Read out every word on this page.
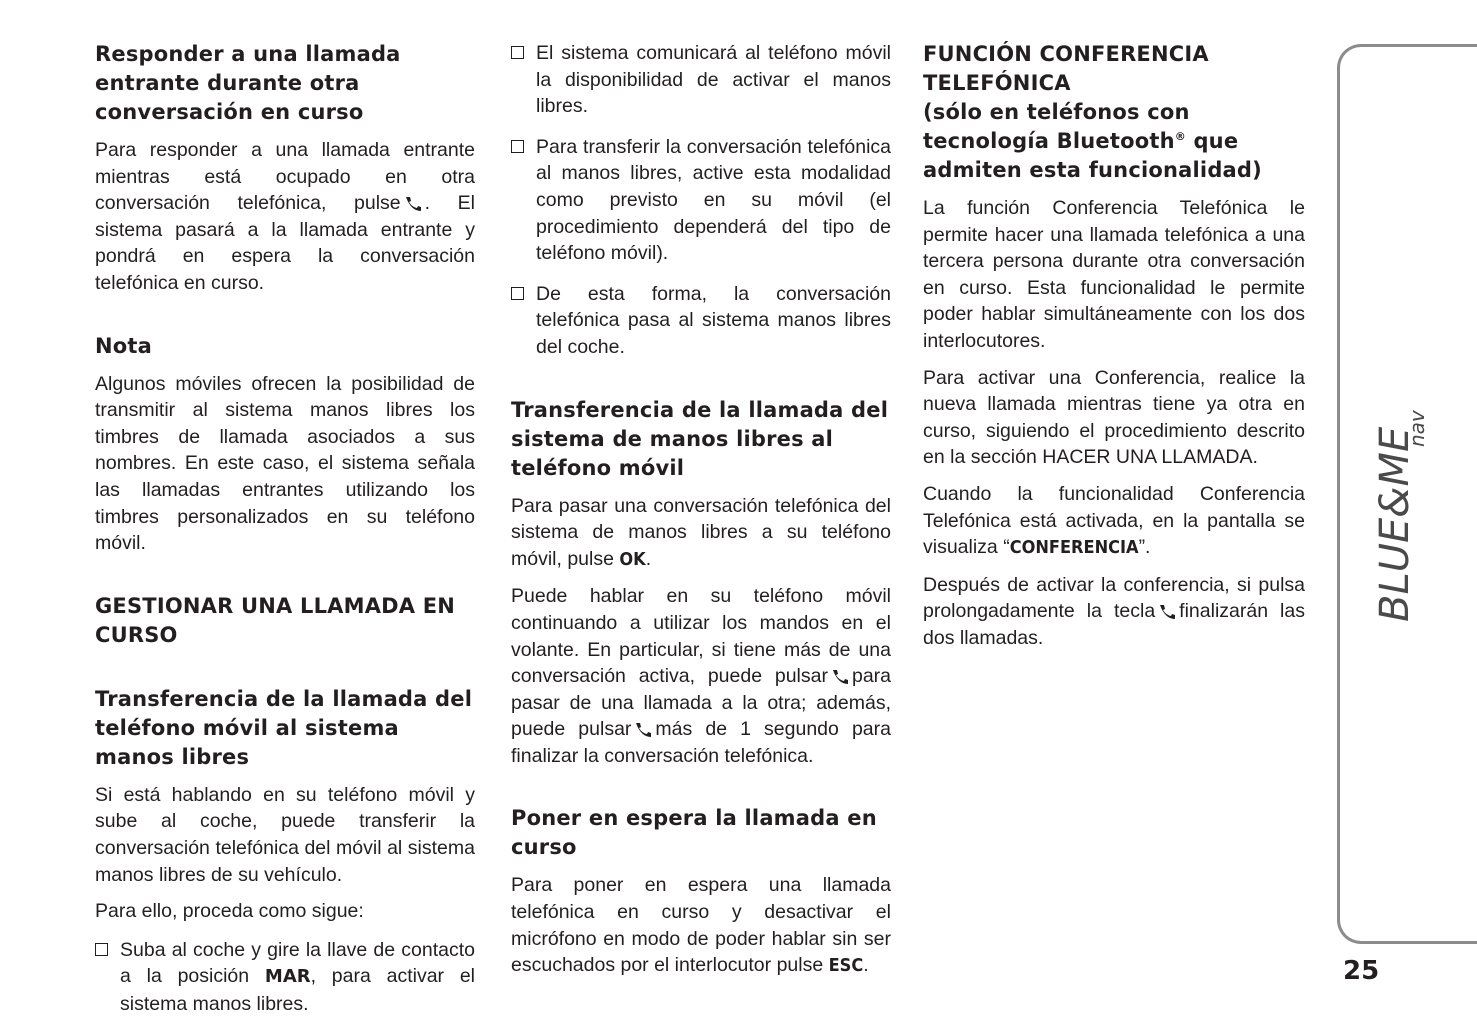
Responder a una llamada entrante durante otra conversación en curso

Para responder a una llamada entrante mientras está ocupado en otra conversación telefónica, pulse . El sistema pasará a la llamada entrante y pondrá en espera la conversación telefónica en curso.

Nota

Algunos móviles ofrecen la posibilidad de transmitir al sistema manos libres los timbres de llamada asociados a sus nombres. En este caso, el sistema señala las llamadas entrantes utilizando los timbres personalizados en su teléfono móvil.

GESTIONAR UNA LLAMADA EN CURSO
Transferencia de la llamada del teléfono móvil al sistema manos libres

Si está hablando en su teléfono móvil y sube al coche, puede transferir la conversación telefónica del móvil al sistema manos libres de su vehículo.

Para ello, proceda como sigue:

Suba al coche y gire la llave de contacto a la posición MAR, para activar el sistema manos libres.
El sistema comunicará al teléfono móvil la disponibilidad de activar el manos libres.
Para transferir la conversación telefónica al manos libres, active esta modalidad como previsto en su móvil (el procedimiento dependerá del tipo de teléfono móvil).
De esta forma, la conversación telefónica pasa al sistema manos libres del coche.
Transferencia de la llamada del sistema de manos libres al teléfono móvil

Para pasar una conversación telefónica del sistema de manos libres a su teléfono móvil, pulse OK.

Puede hablar en su teléfono móvil continuando a utilizar los mandos en el volante. En particular, si tiene más de una conversación activa, puede pulsar para pasar de una llamada a la otra; además, puede pulsar más de 1 segundo para finalizar la conversación telefónica.

Poner en espera la llamada en curso

Para poner en espera una llamada telefónica en curso y desactivar el micrófono en modo de poder hablar sin ser escuchados por el interlocutor pulse ESC.

FUNCIÓN CONFERENCIA TELEFÓNICA
(sólo en teléfonos con tecnología Bluetooth® que admiten esta funcionalidad)

La función Conferencia Telefónica le permite hacer una llamada telefónica a una tercera persona durante otra conversación en curso. Esta funcionalidad le permite poder hablar simultáneamente con los dos interlocutores.

Para activar una Conferencia, realice la nueva llamada mientras tiene ya otra en curso, siguiendo el procedimiento descrito en la sección HACER UNA LLAMADA.

Cuando la funcionalidad Conferencia Telefónica está activada, en la pantalla se visualiza “CONFERENCIA”.

Después de activar la conferencia, si pulsa prolongadamente la tecla finalizarán las dos llamadas.

BLUE&ME
nav
25
